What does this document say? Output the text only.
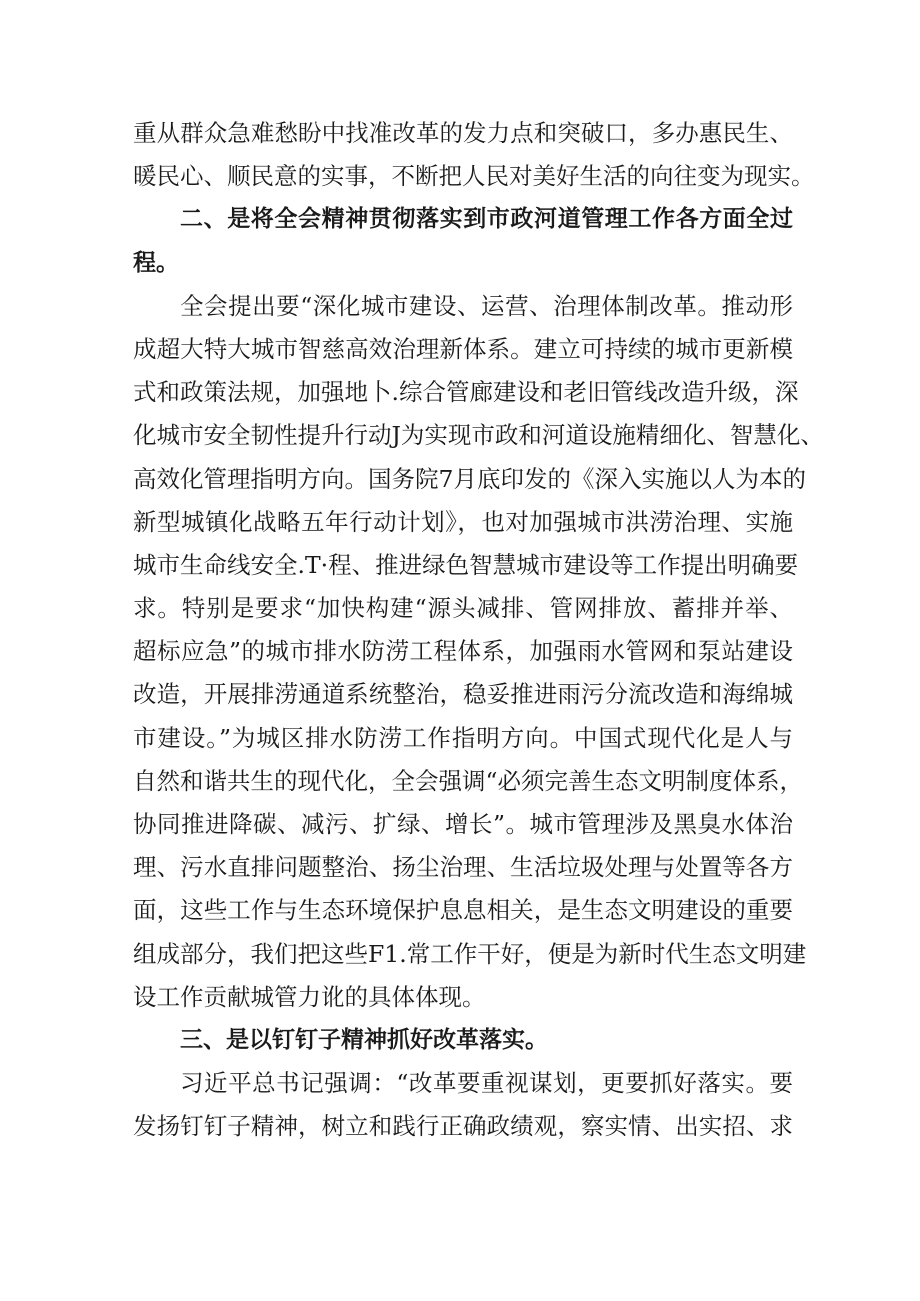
重从群众急难愁盼中找准改革的发力点和突破口，多办惠民生、
暖民心、顺民意的实事，不断把人民对美好生活的向往变为现实。
二、是将全会精神贯彻落实到市政河道管理工作各方面全过
程。
全会提出要“深化城市建设、运营、治理体制改革。推动形
成超大特大城市智慈高效治理新体系。建立可持续的城市更新模
式和政策法规，加强地卜.综合管廊建设和老旧管线改造升级，深
化城市安全韧性提升行动J为实现市政和河道设施精细化、智慧化、
高效化管理指明方向。国务院7月底印发的《深入实施以人为本的
新型城镇化战略五年行动计划》，也对加强城市洪涝治理、实施
城市生命线安全.T·程、推进绿色智慧城市建设等工作提出明确要
求。特别是要求“加快构建“源头减排、管网排放、蓄排并举、
超标应急”的城市排水防涝工程体系，加强雨水管网和泵站建设
改造，开展排涝通道系统整治，稳妥推进雨污分流改造和海绵城
市建设。”为城区排水防涝工作指明方向。中国式现代化是人与
自然和谐共生的现代化，全会强调“必须完善生态文明制度体系，
协同推进降碳、减污、扩绿、增长”。城市管理涉及黑臭水体治
理、污水直排问题整治、扬尘治理、生活垃圾处理与处置等各方
面，这些工作与生态环境保护息息相关，是生态文明建设的重要
组成部分，我们把这些F1.常工作干好，便是为新时代生态文明建
设工作贡献城管力讹的具体体现。
三、是以钉钉子精神抓好改革落实。
习近平总书记强调：“改革要重视谋划，更要抓好落实。要
发扬钉钉子精神，树立和践行正确政绩观，察实情、出实招、求
